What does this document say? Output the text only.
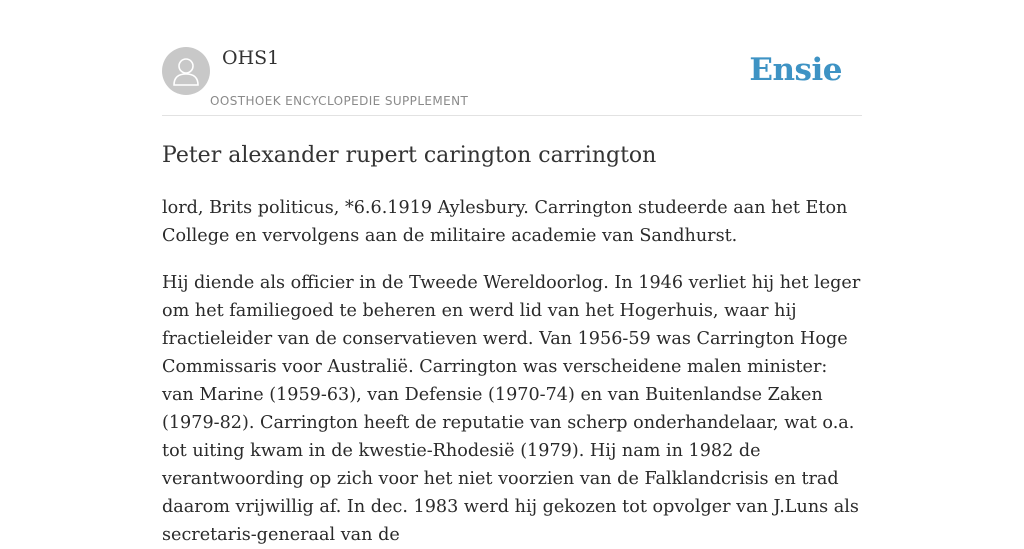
OHS1
OOSTHOEK ENCYCLOPEDIE SUPPLEMENT
Ensie
Peter alexander rupert carington carrington

lord, Brits politicus, *6.6.1919 Aylesbury. Carrington studeerde aan het Eton College en vervolgens aan de militaire academie van Sandhurst.

Hij diende als officier in de Tweede Wereldoorlog. In 1946 verliet hij het leger om het familiegoed te beheren en werd lid van het Hogerhuis, waar hij fractieleider van de conservatieven werd. Van 1956-59 was Carrington Hoge Commissaris voor Australië. Carrington was verscheidene malen minister: van Marine (1959-63), van Defensie (1970-74) en van Buitenlandse Zaken (1979-82). Carrington heeft de reputatie van scherp onderhandelaar, wat o.a. tot uiting kwam in de kwestie-Rhodesië (1979). Hij nam in 1982 de verantwoording op zich voor het niet voorzien van de Falklandcrisis en trad daarom vrijwillig af. In dec. 1983 werd hij gekozen tot opvolger van J.Luns als secretaris-generaal van de
